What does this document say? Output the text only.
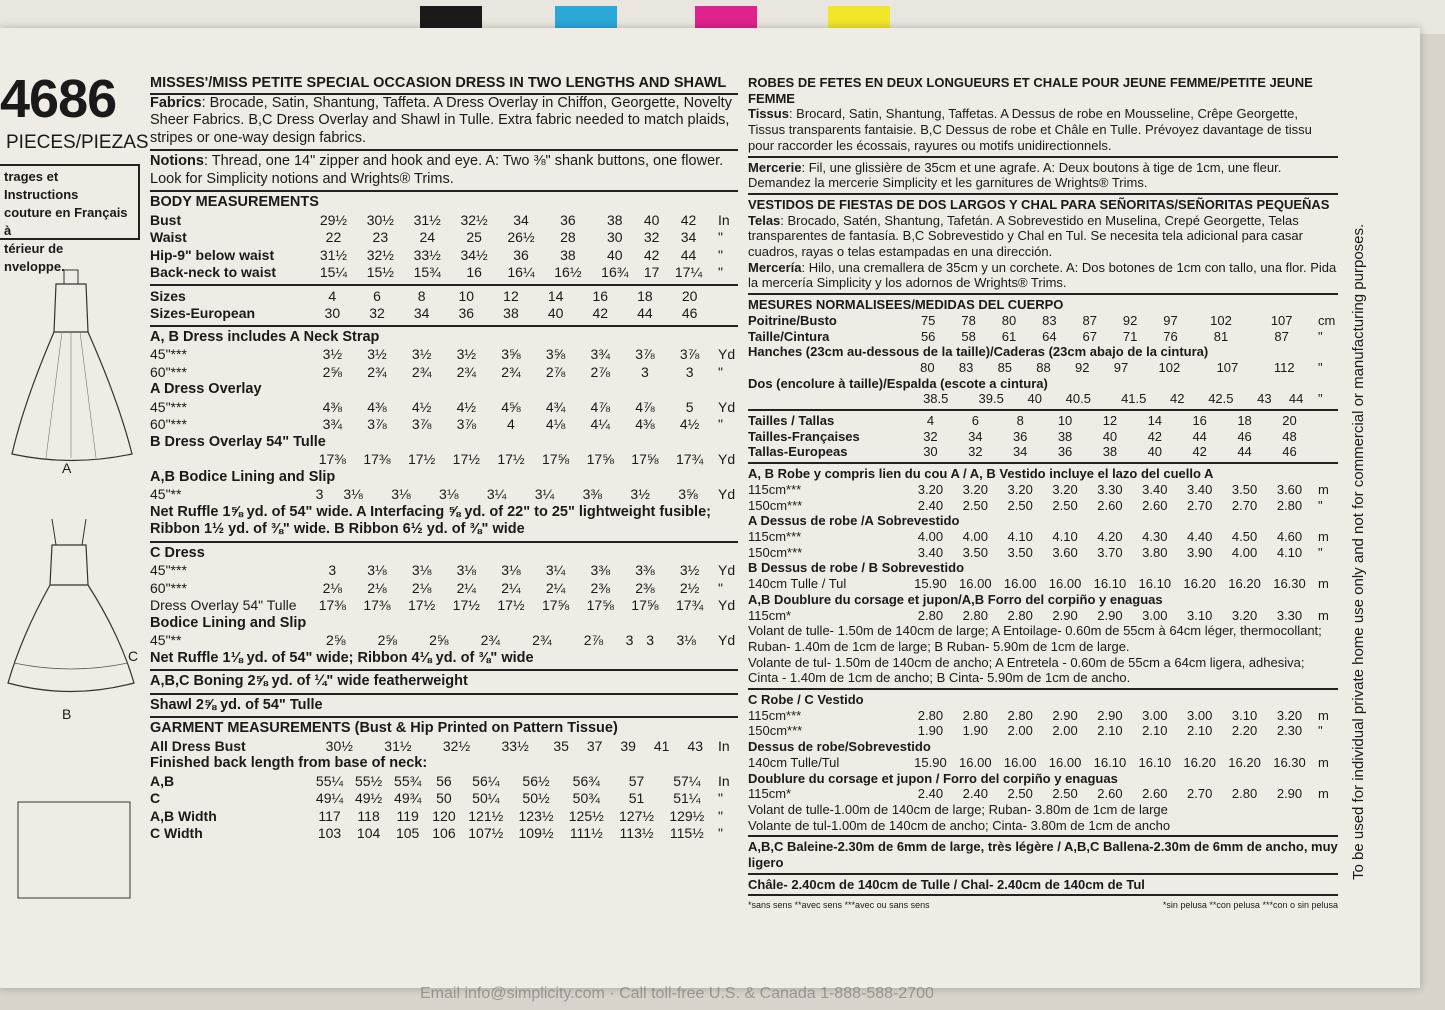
4686
PIECES/PIEZAS
trages et Instructions
couture en Français à
térieur de
nveloppe.
A
C
B
MISSES'/MISS PETITE SPECIAL OCCASION DRESS IN TWO LENGTHS AND SHAWL
Fabrics: Brocade, Satin, Shantung, Taffeta. A Dress Overlay in Chiffon, Georgette, Novelty Sheer Fabrics. B,C Dress Overlay and Shawl in Tulle. Extra fabric needed to match plaids, stripes or one-way design fabrics.
Notions: Thread, one 14" zipper and hook and eye. A: Two ⅜" shank buttons, one flower. Look for Simplicity notions and Wrights® Trims.
BODY MEASUREMENTS
Bust	29½	30½	31½	32½	34	36	38	40	42	In
Waist	22	23	24	25	26½	28	30	32	34	"
Hip-9" below waist	31½	32½	33½	34½	36	38	40	42	44	"
Back-neck to waist	15¼	15½	15¾	16	16¼	16½	16¾	17	17¼	"
Sizes	4	6	8	10	12	14	16	18	20	
Sizes-European	30	32	34	36	38	40	42	44	46	
A, B Dress includes A Neck Strap
45"***	3½	3½	3½	3½	3⅝	3⅝	3¾	3⅞	3⅞	Yd
60"***	2⅝	2¾	2¾	2¾	2¾	2⅞	2⅞	3	3	"
A Dress Overlay
45"***	4⅜	4⅜	4½	4½	4⅝	4¾	4⅞	4⅞	5	Yd
60"***	3¾	3⅞	3⅞	3⅞	4	4⅛	4¼	4⅜	4½	"
B Dress Overlay 54" Tulle
	17⅜	17⅜	17½	17½	17½	17⅝	17⅝	17⅝	17¾	Yd
A,B Bodice Lining and Slip
45"**	3	3⅛	3⅛	3⅛	3¼	3¼	3⅜	3½	3⅝	Yd
Net Ruffle 1⅝ yd. of 54" wide. A Interfacing ⅝ yd. of 22" to 25" lightweight fusible; Ribbon 1½ yd. of ⅜" wide. B Ribbon 6½ yd. of ⅜" wide
C Dress
45"***	3	3⅛	3⅛	3⅛	3⅛	3¼	3⅜	3⅜	3½	Yd
60"***	2⅛	2⅛	2⅛	2¼	2¼	2¼	2⅜	2⅜	2½	"
Dress Overlay 54" Tulle	17⅜	17⅜	17½	17½	17½	17⅝	17⅝	17⅝	17¾	Yd
Bodice Lining and Slip
45"**	2⅝	2⅝	2⅝	2¾	2¾	2⅞	3	3	3⅛	Yd
Net Ruffle 1⅛ yd. of 54" wide; Ribbon 4⅛ yd. of ⅜" wide
A,B,C Boning 2⅝ yd. of ¼" wide featherweight
Shawl 2⅝ yd. of 54" Tulle
GARMENT MEASUREMENTS (Bust & Hip Printed on Pattern Tissue)
All Dress Bust	30½	31½	32½	33½	35	37	39	41	43	In
Finished back length from base of neck:
A,B	55¼	55½	55¾	56	56¼	56½	56¾	57	57¼	In
C	49¼	49½	49¾	50	50¼	50½	50¾	51	51¼	"
A,B Width	117	118	119	120	121½	123½	125½	127½	129½	"
C Width	103	104	105	106	107½	109½	111½	113½	115½	"
ROBES DE FETES EN DEUX LONGUEURS ET CHALE POUR JEUNE FEMME/PETITE JEUNE FEMME
Tissus: Brocard, Satin, Shantung, Taffetas. A Dessus de robe en Mousseline, Crêpe Georgette, Tissus transparents fantaisie. B,C Dessus de robe et Châle en Tulle. Prévoyez davantage de tissu pour raccorder les écossais, rayures ou motifs unidirectionnels.
Mercerie: Fil, une glissière de 35cm et une agrafe. A: Deux boutons à tige de 1cm, une fleur. Demandez la mercerie Simplicity et les garnitures de Wrights® Trims.
VESTIDOS DE FIESTAS DE DOS LARGOS Y CHAL PARA SEÑORITAS/SEÑORITAS PEQUEÑAS
Telas: Brocado, Satén, Shantung, Tafetán. A Sobrevestido en Muselina, Crepé Georgette, Telas transparentes de fantasía. B,C Sobrevestido y Chal en Tul. Se necesita tela adicional para casar cuadros, rayas o telas estampadas en una dirección.
Mercería: Hilo, una cremallera de 35cm y un corchete. A: Dos botones de 1cm con tallo, una flor. Pida la mercería Simplicity y los adornos de Wrights® Trims.
MESURES NORMALISEES/MEDIDAS DEL CUERPO
Poitrine/Busto	75	78	80	83	87	92	97	102	107	cm
Taille/Cintura	56	58	61	64	67	71	76	81	87	"
Hanches (23cm au-dessous de la taille)/Caderas (23cm abajo de la cintura)
	80	83	85	88	92	97	102	107	112	"
Dos (encolure à taille)/Espalda (escote a cintura)
	38.5	39.5	40	40.5	41.5	42	42.5	43	44	"
Tailles / Tallas	4	6	8	10	12	14	16	18	20	
Tailles-Françaises	32	34	36	38	40	42	44	46	48	
Tallas-Europeas	30	32	34	36	38	40	42	44	46	
A, B Robe y compris lien du cou A / A, B Vestido incluye el lazo del cuello A
115cm***	3.20	3.20	3.20	3.20	3.30	3.40	3.40	3.50	3.60	m
150cm***	2.40	2.50	2.50	2.50	2.60	2.60	2.70	2.70	2.80	"
A Dessus de robe /A Sobrevestido
115cm***	4.00	4.00	4.10	4.10	4.20	4.30	4.40	4.50	4.60	m
150cm***	3.40	3.50	3.50	3.60	3.70	3.80	3.90	4.00	4.10	"
B Dessus de robe / B Sobrevestido
140cm Tulle / Tul	15.90	16.00	16.00	16.00	16.10	16.10	16.20	16.20	16.30	m
A,B Doublure du corsage et jupon/A,B Forro del corpiño y enaguas
115cm*	2.80	2.80	2.80	2.90	2.90	3.00	3.10	3.20	3.30	m
Volant de tulle- 1.50m de 140cm de large; A Entoilage- 0.60m de 55cm à 64cm léger, thermocollant; Ruban- 1.40m de 1cm de large; B Ruban- 5.90m de 1cm de large.
Volante de tul- 1.50m de 140cm de ancho; A Entretela - 0.60m de 55cm a 64cm ligera, adhesiva; Cinta - 1.40m de 1cm de ancho; B Cinta- 5.90m de 1cm de ancho.
C Robe / C Vestido
115cm***	2.80	2.80	2.80	2.90	2.90	3.00	3.00	3.10	3.20	m
150cm***	1.90	1.90	2.00	2.00	2.10	2.10	2.10	2.20	2.30	"
Dessus de robe/Sobrevestido
140cm Tulle/Tul	15.90	16.00	16.00	16.00	16.10	16.10	16.20	16.20	16.30	m
Doublure du corsage et jupon / Forro del corpiño y enaguas
115cm*	2.40	2.40	2.50	2.50	2.60	2.60	2.70	2.80	2.90	m
Volant de tulle-1.00m de 140cm de large; Ruban- 3.80m de 1cm de large
Volante de tul-1.00m de 140cm de ancho; Cinta- 3.80m de 1cm de ancho
A,B,C Baleine-2.30m de 6mm de large, très légère / A,B,C Ballena-2.30m de 6mm de ancho, muy ligero
Châle- 2.40cm de 140cm de Tulle / Chal- 2.40cm de 140cm de Tul
*sans sens **avec sens ***avec ou sans sens	*sin pelusa **con pelusa ***con o sin pelusa
To be used for individual private home use only and not for commercial or manufacturing purposes.
Email info@simplicity.com · Call toll-free U.S. & Canada 1-888-588-2700
